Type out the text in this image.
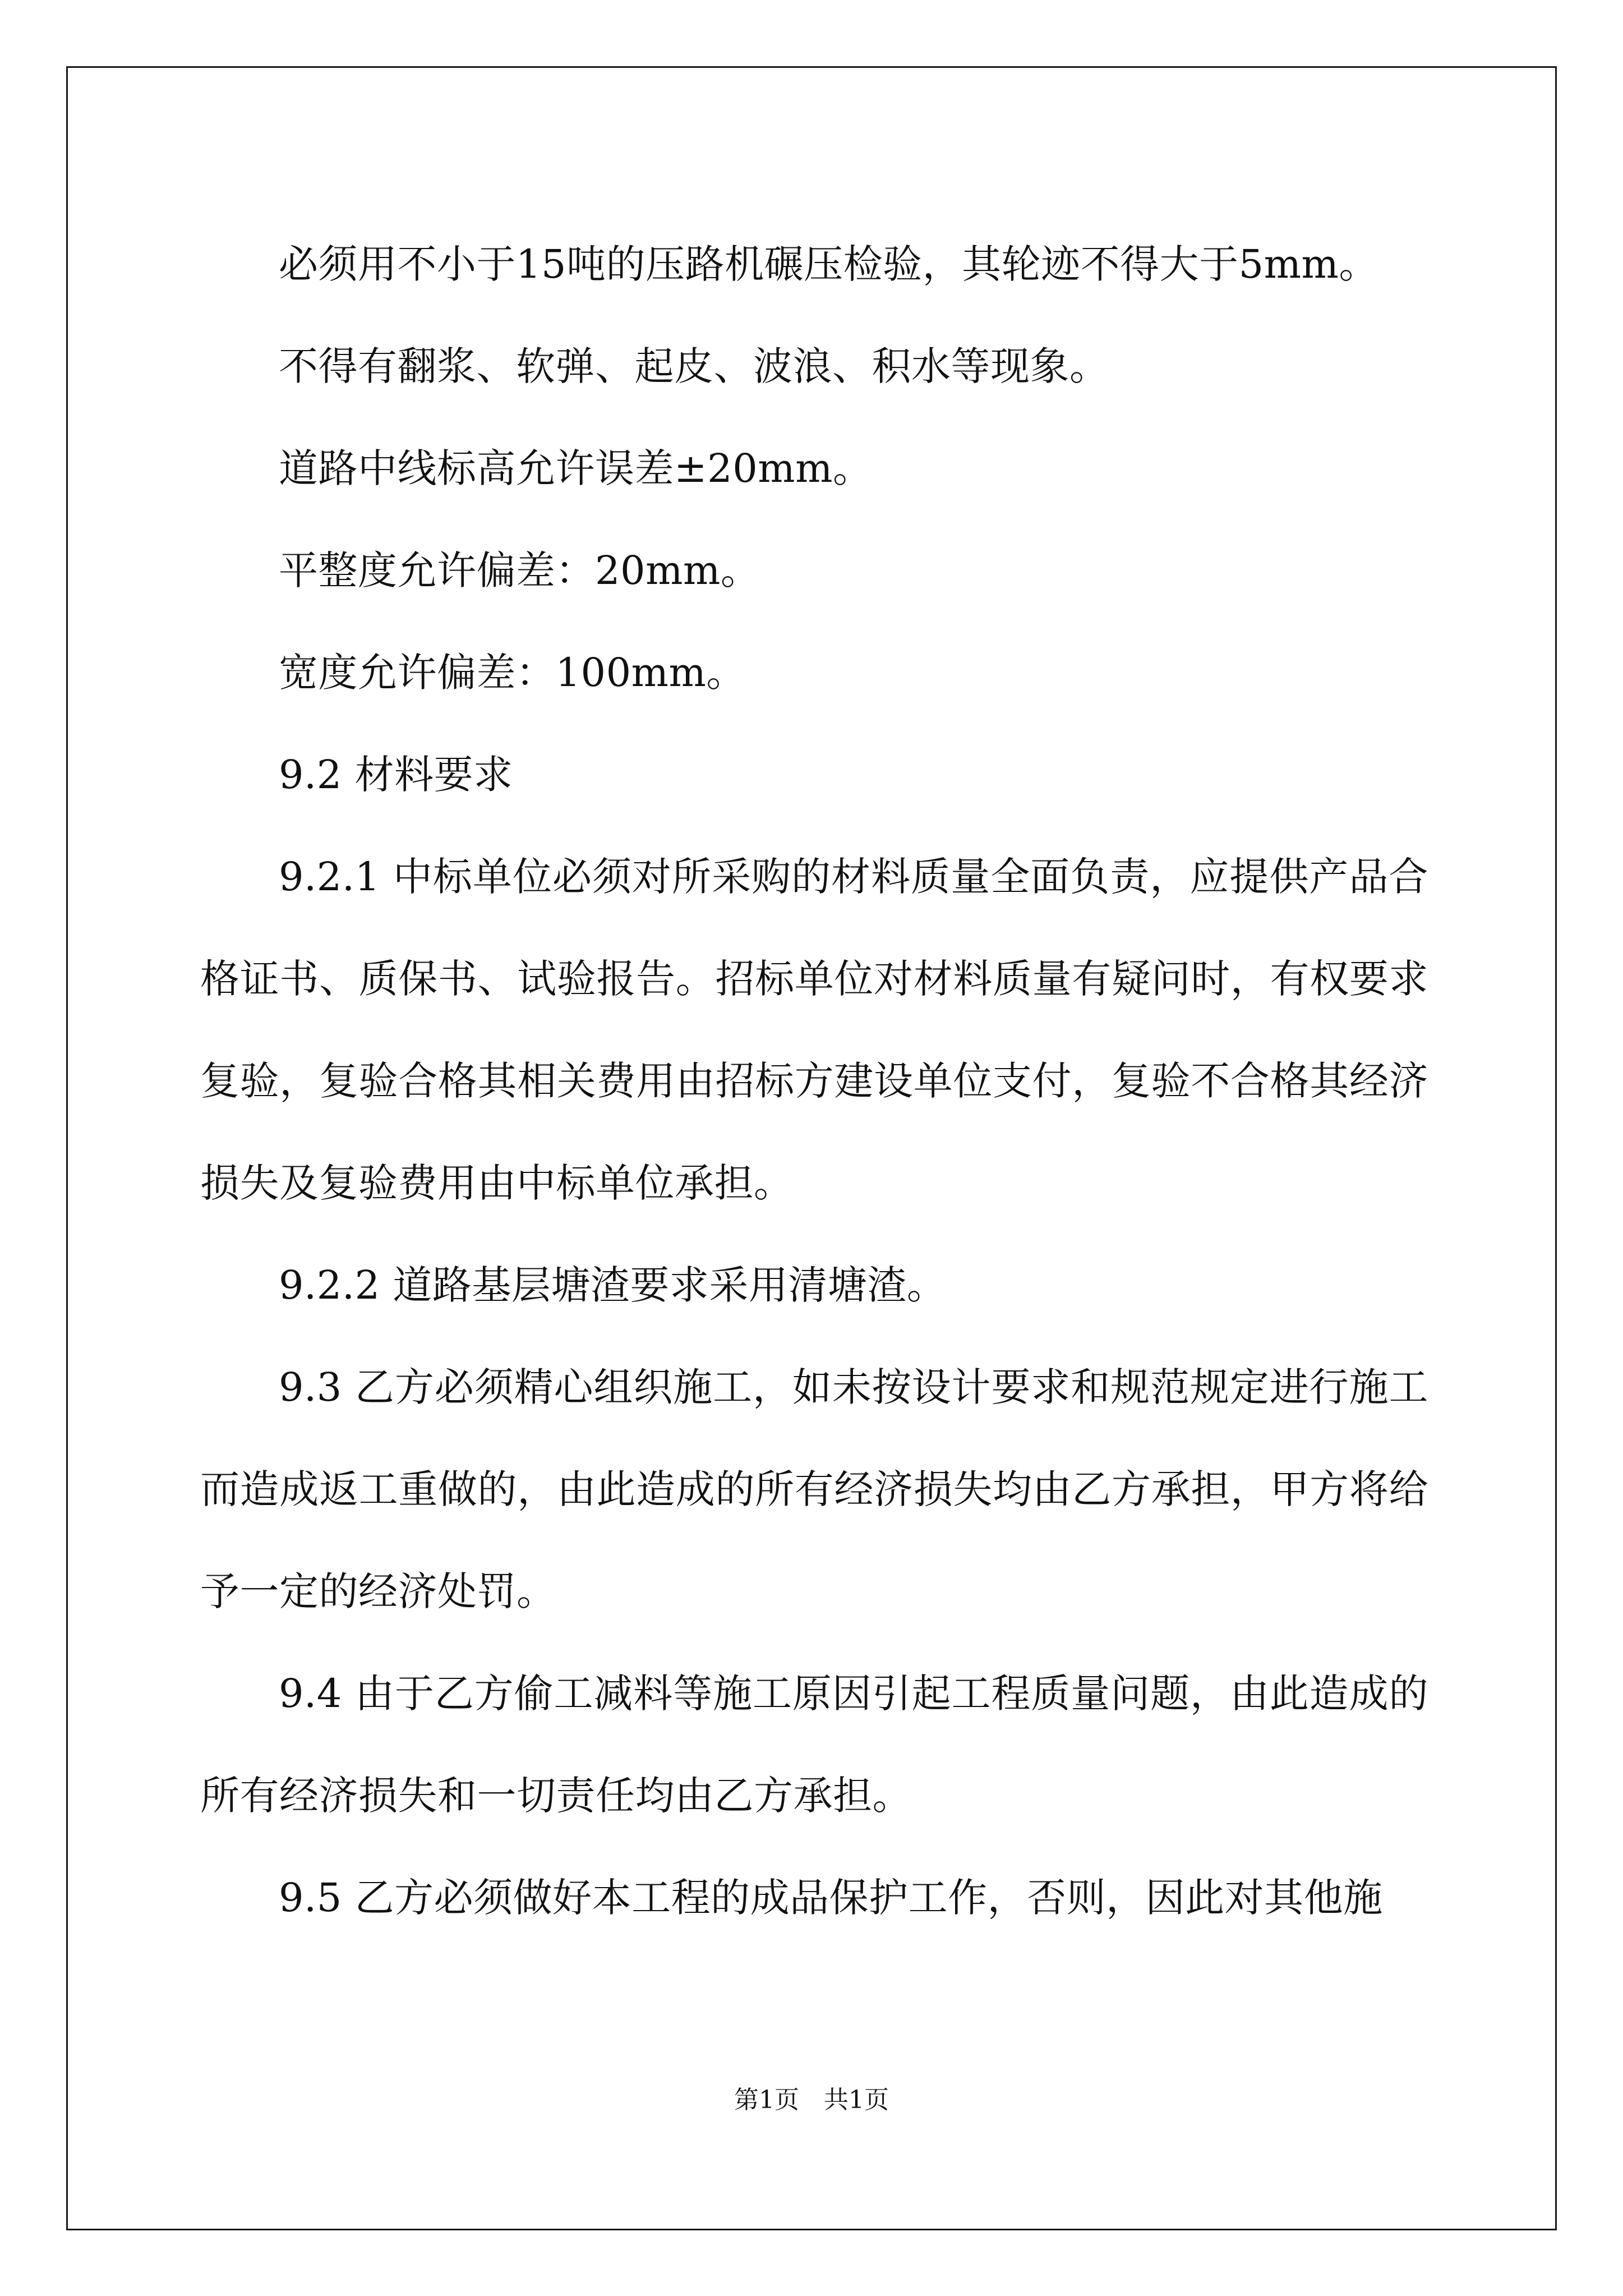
必须用不小于15吨的压路机碾压检验，其轮迹不得大于5mm。

不得有翻浆、软弹、起皮、波浪、积水等现象。

道路中线标高允许误差±20mm。

平整度允许偏差：20mm。

宽度允许偏差：100mm。

9.2 材料要求

9.2.1 中标单位必须对所采购的材料质量全面负责，应提供产品合格证书、质保书、试验报告。招标单位对材料质量有疑问时，有权要求复验，复验合格其相关费用由招标方建设单位支付，复验不合格其经济损失及复验费用由中标单位承担。

9.2.2 道路基层塘渣要求采用清塘渣。

9.3 乙方必须精心组织施工，如未按设计要求和规范规定进行施工而造成返工重做的，由此造成的所有经济损失均由乙方承担，甲方将给予一定的经济处罚。

9.4 由于乙方偷工减料等施工原因引起工程质量问题，由此造成的所有经济损失和一切责任均由乙方承担。

9.5 乙方必须做好本工程的成品保护工作，否则，因此对其他施

第1页　共1页
